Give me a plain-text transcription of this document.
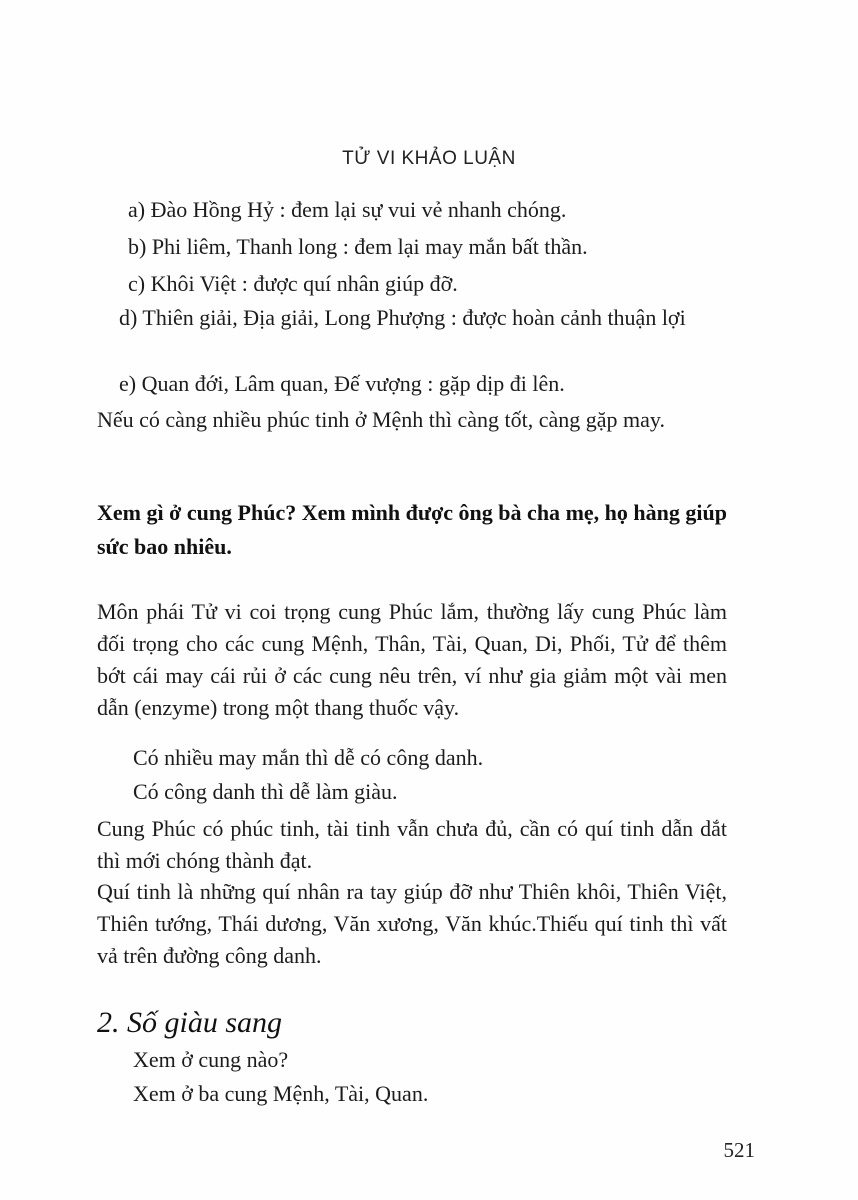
TỬ VI KHẢO LUẬN
a) Đào Hồng Hỷ : đem lại sự vui vẻ nhanh chóng.
b) Phi liêm, Thanh long : đem lại may mắn bất thần.
c) Khôi Việt : được quí nhân giúp đỡ.
d) Thiên giải, Địa giải, Long Phượng : được hoàn cảnh thuận lợi
e) Quan đới, Lâm quan, Đế vượng : gặp dịp đi lên.
Nếu có càng nhiều phúc tinh ở Mệnh thì càng tốt, càng gặp may.
Xem gì ở cung Phúc? Xem mình được ông bà cha mẹ, họ hàng giúp sức bao nhiêu.
Môn phái Tử vi coi trọng cung Phúc lắm, thường lấy cung Phúc làm đối trọng cho các cung Mệnh, Thân, Tài, Quan, Di, Phối, Tử để thêm bớt cái may cái rủi ở các cung nêu trên, ví như gia giảm một vài men dẫn (enzyme) trong một thang thuốc vậy.
Có nhiều may mắn thì dễ có công danh.
Có công danh thì dễ làm giàu.
Cung Phúc có phúc tinh, tài tinh vẫn chưa đủ, cần có quí tinh dẫn dắt thì mới chóng thành đạt.
Quí tinh là những quí nhân ra tay giúp đỡ như Thiên khôi, Thiên Việt, Thiên tướng, Thái dương, Văn xương, Văn khúc.Thiếu quí tinh thì vất vả trên đường công danh.
2. Số giàu sang
Xem ở cung nào?
Xem ở ba cung Mệnh, Tài, Quan.
521
